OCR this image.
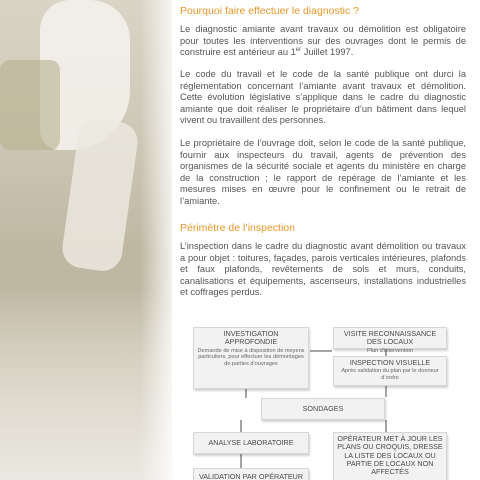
Pourquoi faire effectuer le diagnostic ?
Le diagnostic amiante avant travaux ou démolition est obligatoire pour toutes les interventions sur des ouvrages dont le permis de construire est antérieur au 1er Juillet 1997.
Le code du travail et le code de la santé publique ont durci la réglementation concernant l’amiante avant travaux et démolition. Cette évolution législative s’applique dans le cadre du diagnostic amiante que doit réaliser le propriétaire d’un bâtiment dans lequel vivent ou travaillent des personnes.
Le propriétaire de l’ouvrage doit, selon le code de la santé publique, fournir aux inspecteurs du travail, agents de prévention des organismes de la sécurité sociale et agents du ministère en charge de la construction ; le rapport de repérage de l’amiante et les mesures mises en œuvre pour le confinement ou le retrait de l’amiante.
Périmètre de l’inspection
L’inspection dans le cadre du diagnostic avant démolition ou travaux a pour objet : toitures, façades, parois verticales intérieures, plafonds et faux plafonds, revêtements de sols et murs, conduits, canalisations et équipements, ascenseurs, installations industrielles et coffrages perdus.
INVESTIGATION APPROFONDIE
Demande de mise à disposition de moyens particuliers, pour effectuer les démontages de parties d’ouvrages
VISITE RECONNAISSANCE DES LOCAUX
Plan d’intervention
INSPECTION VISUELLE
Après validation du plan par le donneur d’ordre
SONDAGES
ANALYSE LABORATOIRE	OPÉRATEUR MET À JOUR LES PLANS OU CROQUIS, DRESSE LA LISTE DES LOCAUX OU PARTIE DE LOCAUX NON AFFECTÉS
VALIDATION PAR OPÉRATEUR
